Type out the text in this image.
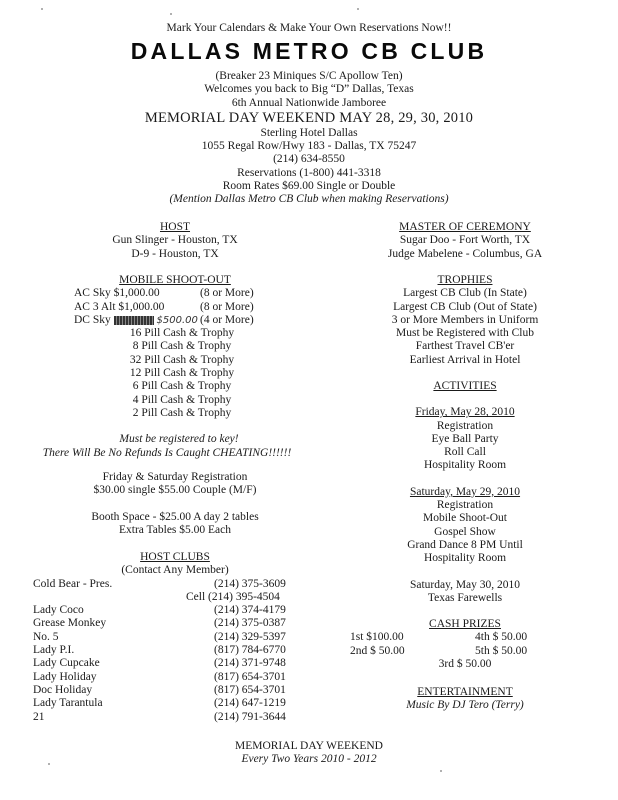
Mark Your Calendars & Make Your Own Reservations Now!!
DALLAS METRO CB CLUB
(Breaker 23 Miniques S/C Apollow Ten)
Welcomes you back to Big “D” Dallas, Texas
6th Annual Nationwide Jamboree
MEMORIAL DAY WEEKEND MAY 28, 29, 30, 2010
Sterling Hotel Dallas
1055 Regal Row/Hwy 183 - Dallas, TX 75247
(214) 634-8550
Reservations (1-800) 441-3318
Room Rates $69.00 Single or Double
(Mention Dallas Metro CB Club when making Reservations)
HOST
Gun Slinger - Houston, TX
D-9 - Houston, TX
MOBILE SHOOT-OUT
AC Sky $1,000.00	(8 or More)
AC 3 Alt $1,000.00	(8 or More)
DC Sky	$500.00 (4 or More)
16 Pill Cash & Trophy
8 Pill Cash & Trophy
32 Pill Cash & Trophy
12 Pill Cash & Trophy
6 Pill Cash & Trophy
4 Pill Cash & Trophy
2 Pill Cash & Trophy
Must be registered to key!
There Will Be No Refunds Is Caught CHEATING!!!!!!
Friday & Saturday Registration
$30.00 single $55.00 Couple (M/F)
Booth Space - $25.00 A day 2 tables
Extra Tables $5.00 Each
HOST CLUBS
(Contact Any Member)
Cold Bear - Pres.	(214) 375-3609
Cell (214) 395-4504
Lady Coco	(214) 374-4179
Grease Monkey	(214) 375-0387
No. 5	(214) 329-5397
Lady P.I.	(817) 784-6770
Lady Cupcake	(214) 371-9748
Lady Holiday	(817) 654-3701
Doc Holiday	(817) 654-3701
Lady Tarantula	(214) 647-1219
21	(214) 791-3644
MASTER OF CEREMONY
Sugar Doo - Fort Worth, TX
Judge Mabelene - Columbus, GA
TROPHIES
Largest CB Club (In State)
Largest CB Club (Out of State)
3 or More Members in Uniform
Must be Registered with Club
Farthest Travel CB'er
Earliest Arrival in Hotel
ACTIVITIES
Friday, May 28, 2010
Registration
Eye Ball Party
Roll Call
Hospitality Room
Saturday, May 29, 2010
Registration
Mobile Shoot-Out
Gospel Show
Grand Dance 8 PM Until
Hospitality Room
Saturday, May 30, 2010
Texas Farewells
CASH PRIZES
1st $100.00	4th $ 50.00
2nd $ 50.00	5th $ 50.00
3rd $ 50.00
ENTERTAINMENT
Music By DJ Tero (Terry)
MEMORIAL DAY WEEKEND
Every Two Years 2010 - 2012
